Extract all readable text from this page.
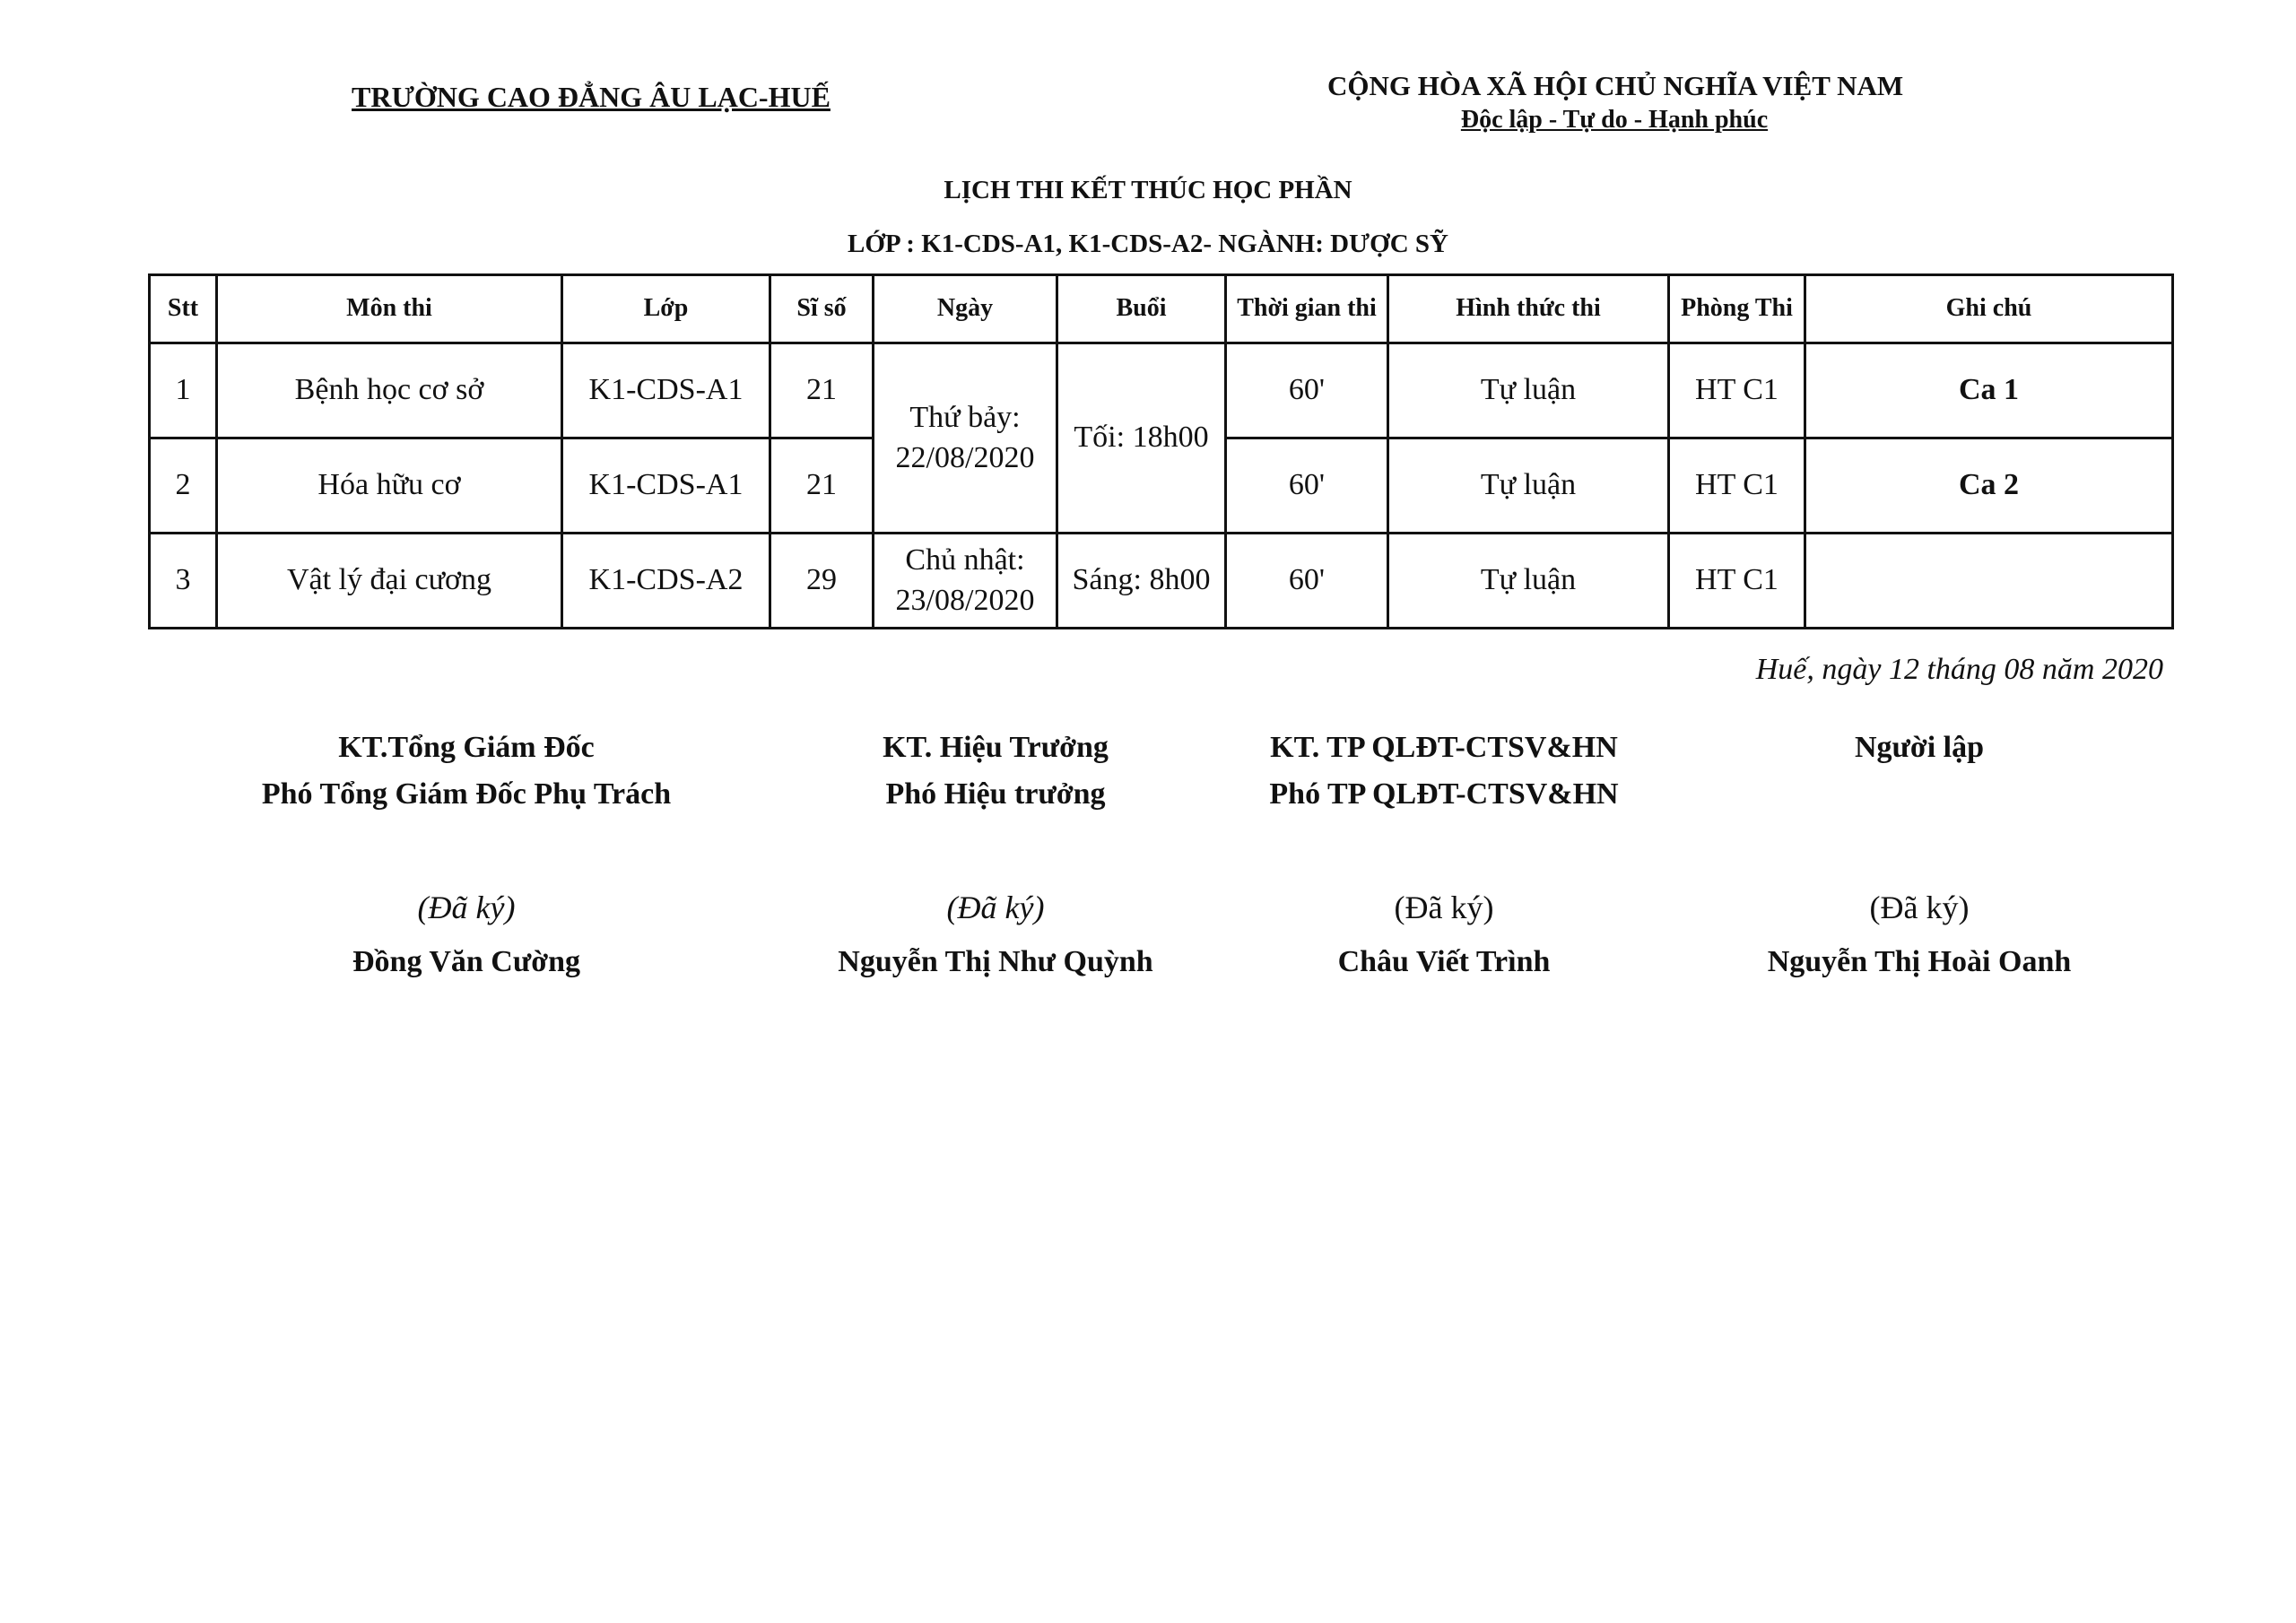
TRƯỜNG CAO ĐẲNG ÂU LẠC-HUẾ	CỘNG HÒA XÃ HỘI CHỦ NGHĨA VIỆT NAM
Độc lập - Tự do - Hạnh phúc
LỊCH THI KẾT THÚC HỌC PHẦN
LỚP : K1-CDS-A1, K1-CDS-A2- NGÀNH: DƯỢC SỸ
Stt	Môn thi	Lớp	Sĩ số	Ngày	Buổi	Thời gian thi	Hình thức thi	Phòng Thi	Ghi chú
1	Bệnh học cơ sở	K1-CDS-A1	21	Thứ bảy:
22/08/2020	Tối: 18h00	60'	Tự luận	HT C1	Ca 1
2	Hóa hữu cơ	K1-CDS-A1	21			60'	Tự luận	HT C1	Ca 2
3	Vật lý đại cương	K1-CDS-A2	29	Chủ nhật:
23/08/2020	Sáng: 8h00	60'	Tự luận	HT C1	
Huế, ngày 12 tháng 08 năm 2020
KT.Tổng Giám Đốc
Phó Tổng Giám Đốc Phụ Trách
(Đã ký)
Đồng Văn Cường
KT. Hiệu Trưởng
Phó Hiệu trưởng
(Đã ký)
Nguyễn Thị Như Quỳnh
KT. TP QLĐT-CTSV&HN
Phó TP QLĐT-CTSV&HN
(Đã ký)
Châu Viết Trình
Người lập
(Đã ký)
Nguyễn Thị Hoài Oanh
